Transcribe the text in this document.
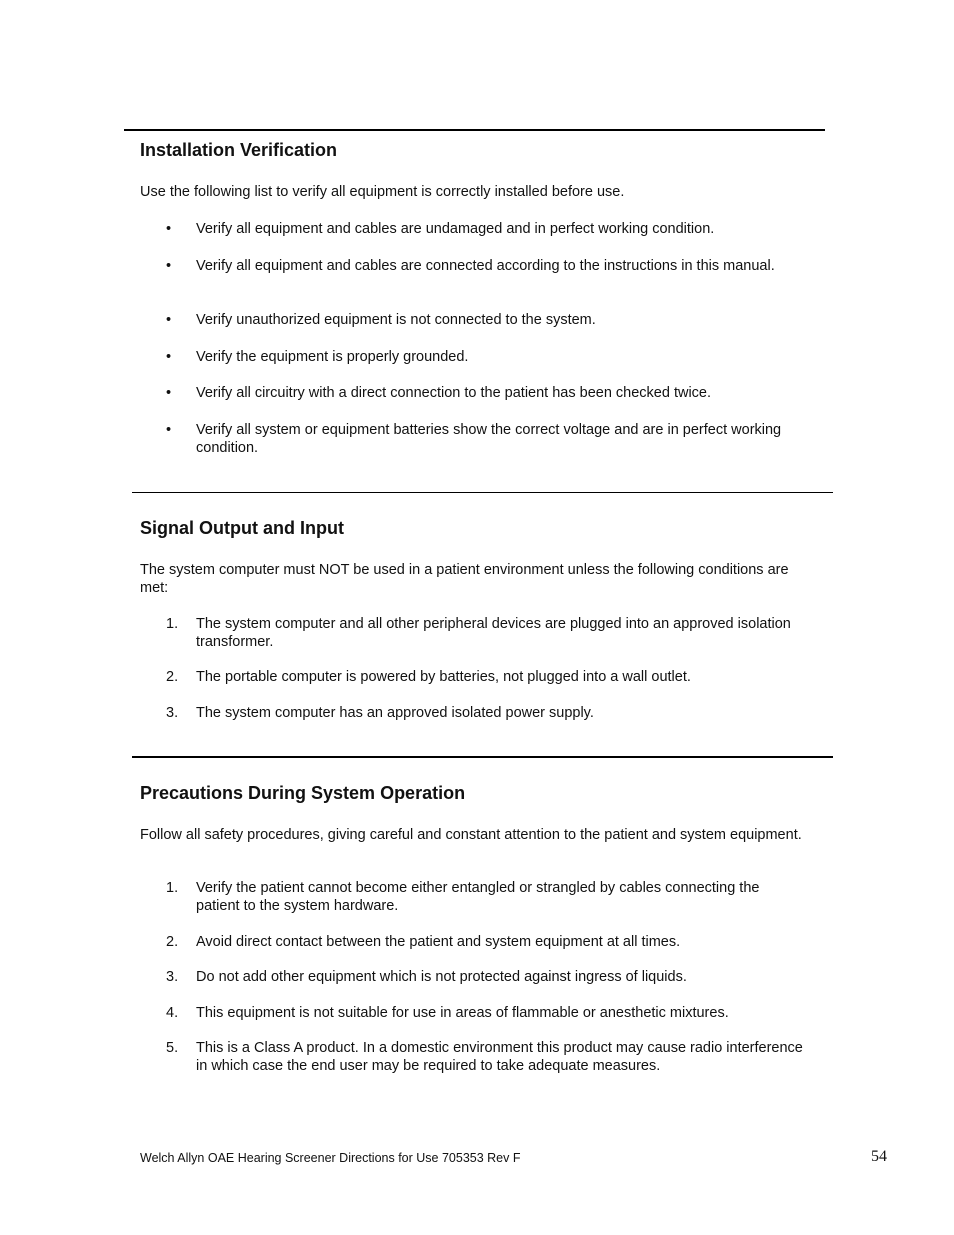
Installation Verification

Use the following list to verify all equipment is correctly installed before use.

•	Verify all equipment and cables are undamaged and in perfect working condition.
•	Verify all equipment and cables are connected according to the instructions in this manual.
•	Verify unauthorized equipment is not connected to the system.
•	Verify the equipment is properly grounded.
•	Verify all circuitry with a direct connection to the patient has been checked twice.
•	Verify all system or equipment batteries show the correct voltage and are in perfect working condition.
Signal Output and Input

The system computer must NOT be used in a patient environment unless the following conditions are met:

1.	The system computer and all other peripheral devices are plugged into an approved isolation transformer.
2.	The portable computer is powered by batteries, not plugged into a wall outlet.
3.	The system computer has an approved isolated power supply.
Precautions During System Operation

Follow all safety procedures, giving careful and constant attention to the patient and system equipment.

1.	Verify the patient cannot become either entangled or strangled by cables connecting the patient to the system hardware.
2.	Avoid direct contact between the patient and system equipment at all times.
3.	Do not add other equipment which is not protected against ingress of liquids.
4.	This equipment is not suitable for use in areas of flammable or anesthetic mixtures.
5.	This is a Class A product. In a domestic environment this product may cause radio interference in which case the end user may be required to take adequate measures.
Welch Allyn OAE Hearing Screener Directions for Use 705353 Rev F	54
